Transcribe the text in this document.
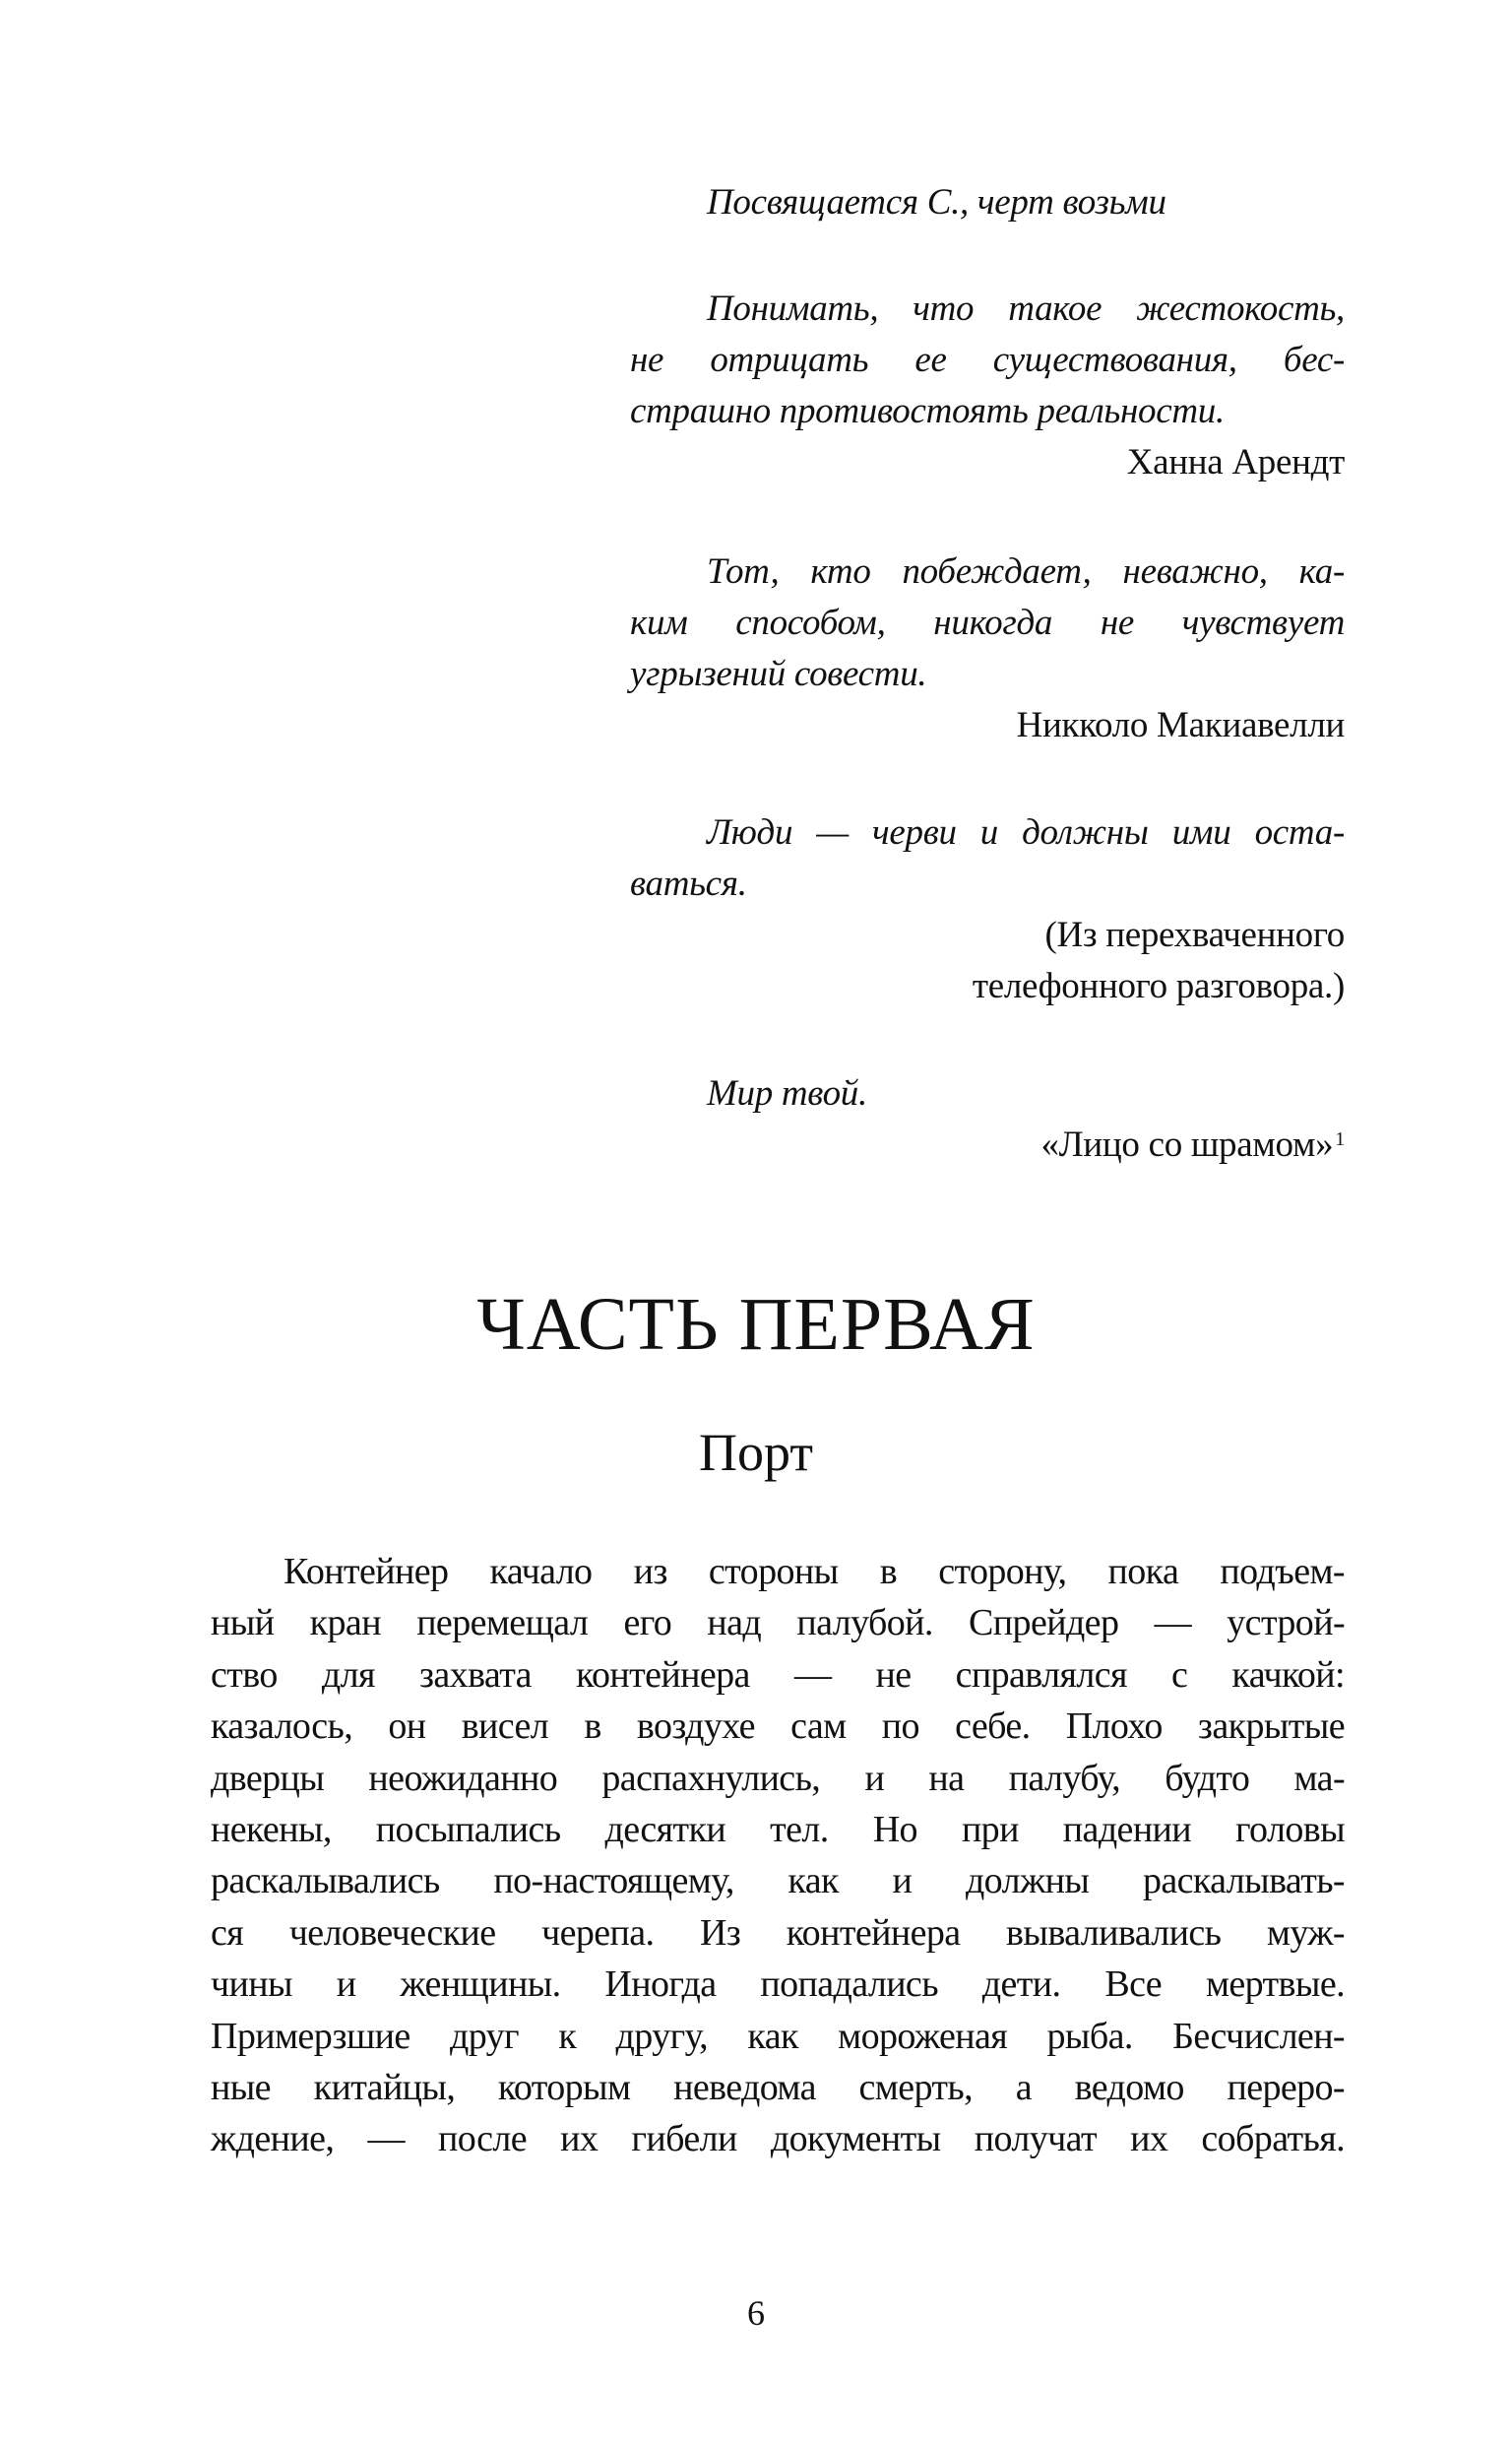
Посвящается С., черт возьми
Понимать, что такое жестокость,
не отрицать ее существования, бес-
страшно противостоять реальности.
Ханна Арендт
Тот, кто побеждает, неважно, ка-
ким способом, никогда не чувствует
угрызений совести.
Никколо Макиавелли
Люди — черви и должны ими оста-
ваться.
(Из перехваченного
телефонного разговора.)
Мир твой.
«Лицо со шрамом» $^1$
ЧАСТЬ ПЕРВАЯ
Порт
Контейнер качало из стороны в сторону, пока подъем-
ный кран перемещал его над палубой. Спрейдер — устрой-
ство для захвата контейнера — не справлялся с качкой:
казалось, он висел в воздухе сам по себе. Плохо закрытые
дверцы неожиданно распахнулись, и на палубу, будто ма-
некены, посыпались десятки тел. Но при падении головы
раскалывались по-настоящему, как и должны раскалывать-
ся человеческие черепа. Из контейнера вываливались муж-
чины и женщины. Иногда попадались дети. Все мертвые.
Примерзшие друг к другу, как мороженая рыба. Бесчислен-
ные китайцы, которым неведома смерть, а ведомо переро-
ждение, — после их гибели документы получат их собратья.
6
